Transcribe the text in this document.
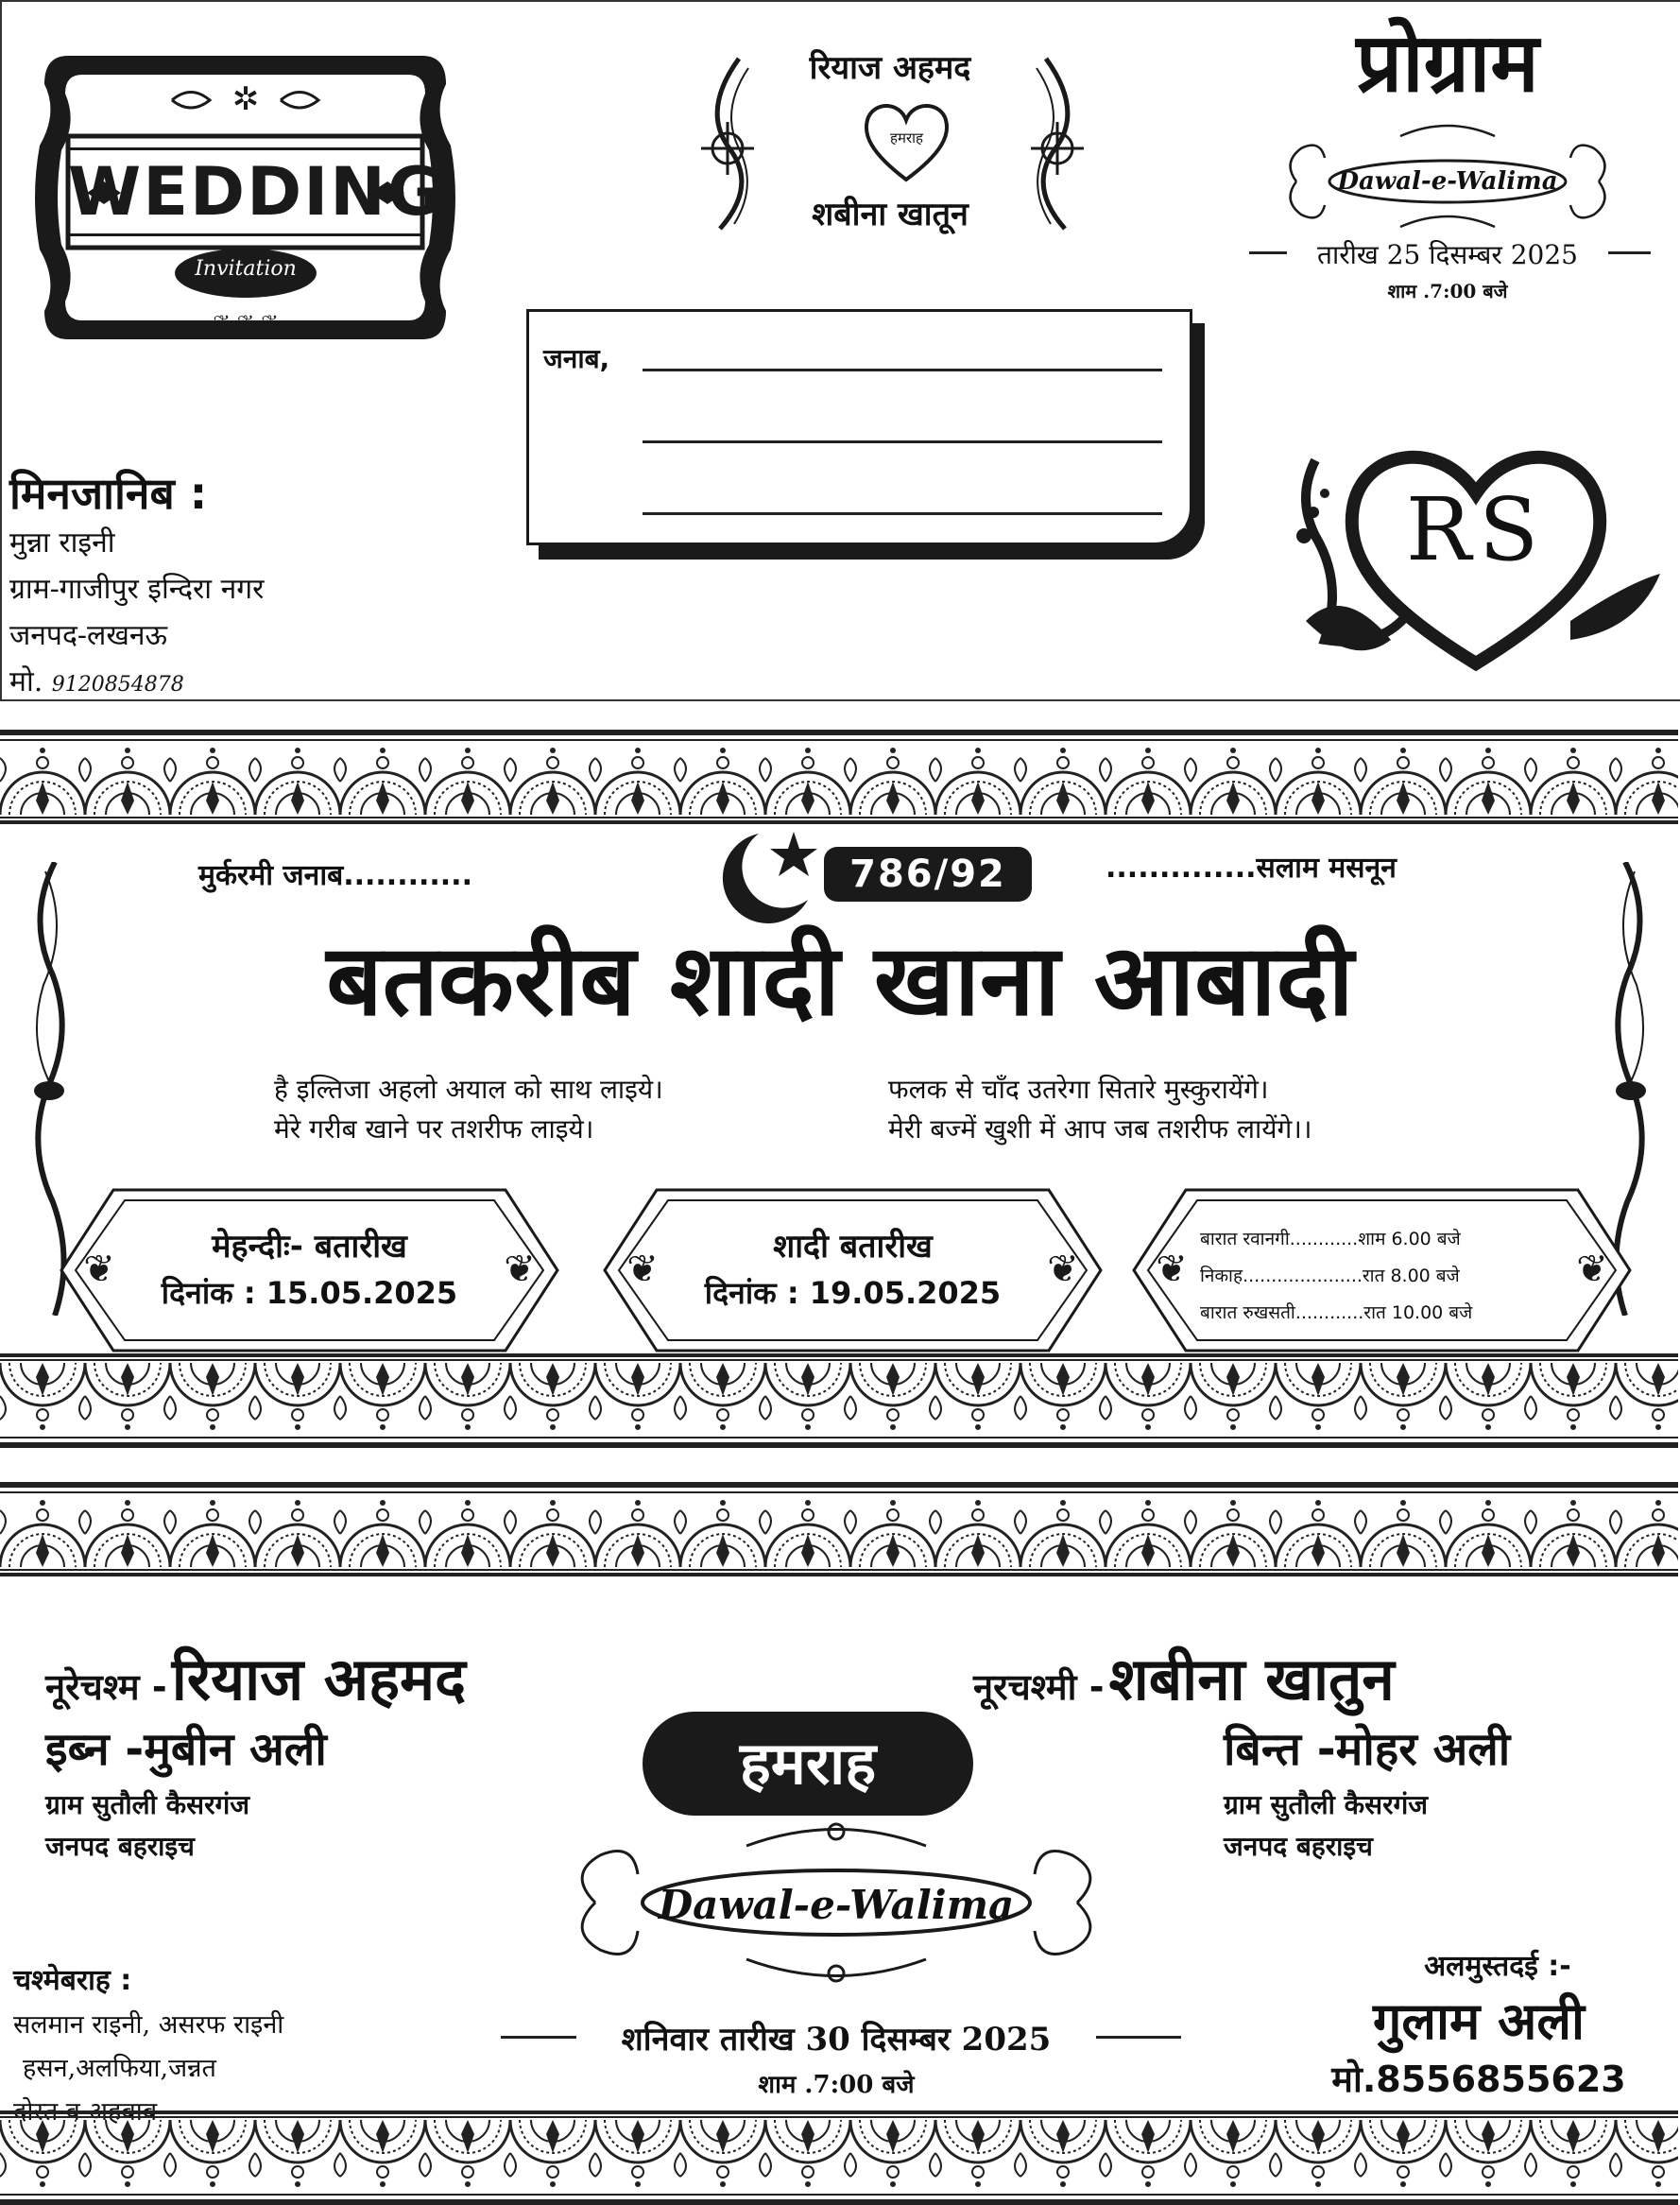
✲
❦ ❦ ❦
WEDDING
Invitation
रियाज अहमद
हमराह
शबीना खातून
प्रोग्राम
Dawal-e-Walima
तारीख 25 दिसम्बर 2025
शाम .7:00 बजे
जनाब,
मिनजानिब :
मुन्ना राइनी
ग्राम-गाजीपुर इन्दिरा नगर
जनपद-लखनऊ
मो. 9120854878
RS
मुर्करमी जनाब............	786/92	..............सलाम मसनून
बतकरीब शादी खाना आबादी
है इल्तिजा अहलो अयाल को साथ लाइये।
मेरे गरीब खाने पर तशरीफ लाइये।
फलक से चाँद उतरेगा सितारे मुस्कुरायेंगे।
मेरी बज्में खुशी में आप जब तशरीफ लायेंगे।।
❦	❦
मेहन्दीः- बतारीख
दिनांक : 15.05.2025
❦	❦
शादी बतारीख
दिनांक : 19.05.2025
❦	❦
बारात रवानगी............शाम 6.00 बजे
निकाह.....................रात 8.00 बजे
बारात रुखसती............रात 10.00 बजे
नूरेचश्म - रियाज अहमद
इब्न -मुबीन अली
ग्राम सुतौली कैसरगंज
जनपद बहराइच
नूरचश्मी - शबीना खातुन
बिन्त -मोहर अली
ग्राम सुतौली कैसरगंज
जनपद बहराइच
हमराह
Dawal-e-Walima
शनिवार तारीख 30 दिसम्बर 2025
शाम .7:00 बजे
चश्मेबराह :
सलमान राइनी, असरफ राइनी
हसन,अलफिया,जन्नत
अलमुस्तदई :-
गुलाम अली
मो.8556855623
